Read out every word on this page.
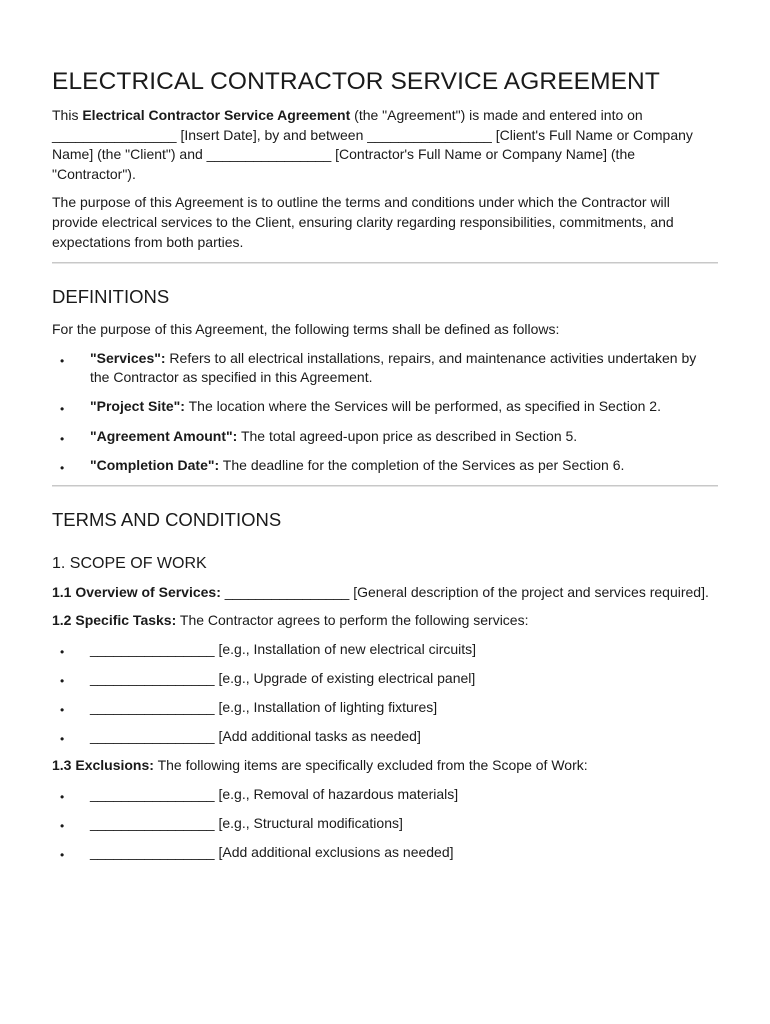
ELECTRICAL CONTRACTOR SERVICE AGREEMENT

This Electrical Contractor Service Agreement (the "Agreement") is made and entered into on ________________ [Insert Date], by and between ________________ [Client's Full Name or Company Name] (the "Client") and ________________ [Contractor's Full Name or Company Name] (the "Contractor").

The purpose of this Agreement is to outline the terms and conditions under which the Contractor will provide electrical services to the Client, ensuring clarity regarding responsibilities, commitments, and expectations from both parties.

DEFINITIONS

For the purpose of this Agreement, the following terms shall be defined as follows:

• "Services": Refers to all electrical installations, repairs, and maintenance activities undertaken by the Contractor as specified in this Agreement.
• "Project Site": The location where the Services will be performed, as specified in Section 2.
• "Agreement Amount": The total agreed-upon price as described in Section 5.
• "Completion Date": The deadline for the completion of the Services as per Section 6.
TERMS AND CONDITIONS
1. SCOPE OF WORK

1.1 Overview of Services: ________________ [General description of the project and services required].

1.2 Specific Tasks: The Contractor agrees to perform the following services:

• ________________ [e.g., Installation of new electrical circuits]
• ________________ [e.g., Upgrade of existing electrical panel]
• ________________ [e.g., Installation of lighting fixtures]
• ________________ [Add additional tasks as needed]

1.3 Exclusions: The following items are specifically excluded from the Scope of Work:

• ________________ [e.g., Removal of hazardous materials]
• ________________ [e.g., Structural modifications]
• ________________ [Add additional exclusions as needed]
